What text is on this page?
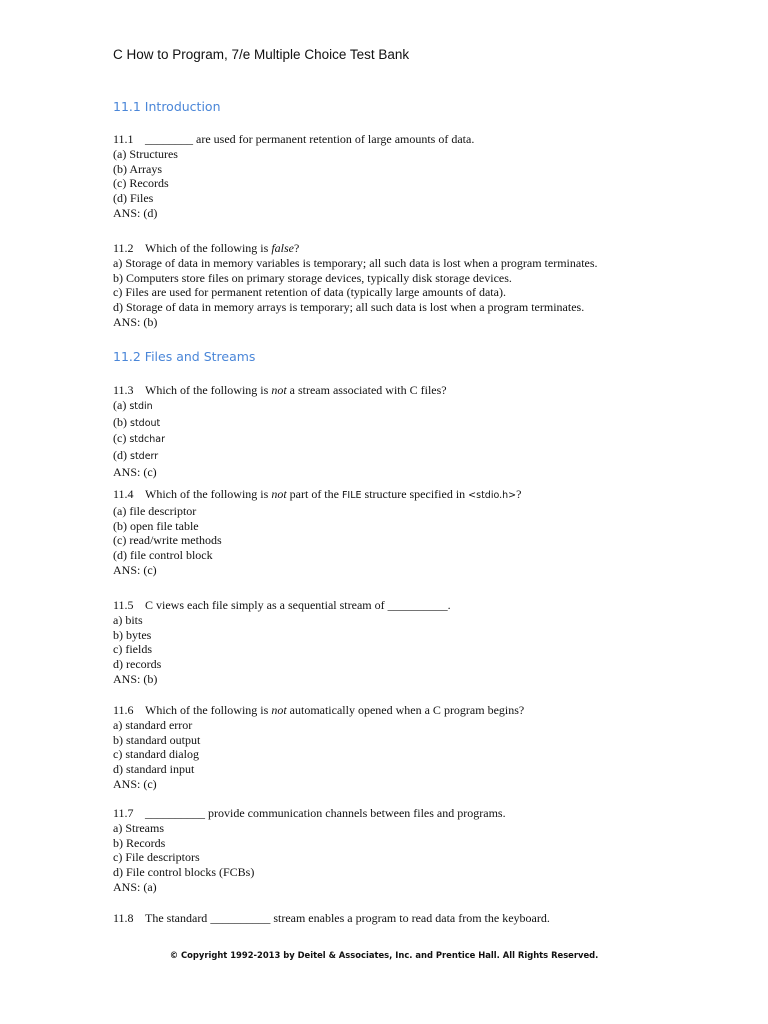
C How to Program, 7/e Multiple Choice Test Bank
11.1 Introduction
11.1 ________ are used for permanent retention of large amounts of data.
(a) Structures
(b) Arrays
(c) Records
(d) Files
ANS: (d)
11.2 Which of the following is false?
a) Storage of data in memory variables is temporary; all such data is lost when a program terminates.
b) Computers store files on primary storage devices, typically disk storage devices.
c) Files are used for permanent retention of data (typically large amounts of data).
d) Storage of data in memory arrays is temporary; all such data is lost when a program terminates.
ANS: (b)
11.2 Files and Streams
11.3 Which of the following is not a stream associated with C files?
(a) stdin
(b) stdout
(c) stdchar
(d) stderr
ANS: (c)
11.4 Which of the following is not part of the FILE structure specified in <stdio.h>?
(a) file descriptor
(b) open file table
(c) read/write methods
(d) file control block
ANS: (c)
11.5 C views each file simply as a sequential stream of __________.
a) bits
b) bytes
c) fields
d) records
ANS: (b)
11.6 Which of the following is not automatically opened when a C program begins?
a) standard error
b) standard output
c) standard dialog
d) standard input
ANS: (c)
11.7 __________ provide communication channels between files and programs.
a) Streams
b) Records
c) File descriptors
d) File control blocks (FCBs)
ANS: (a)
11.8 The standard __________ stream enables a program to read data from the keyboard.
© Copyright 1992-2013 by Deitel & Associates, Inc. and Prentice Hall. All Rights Reserved.
